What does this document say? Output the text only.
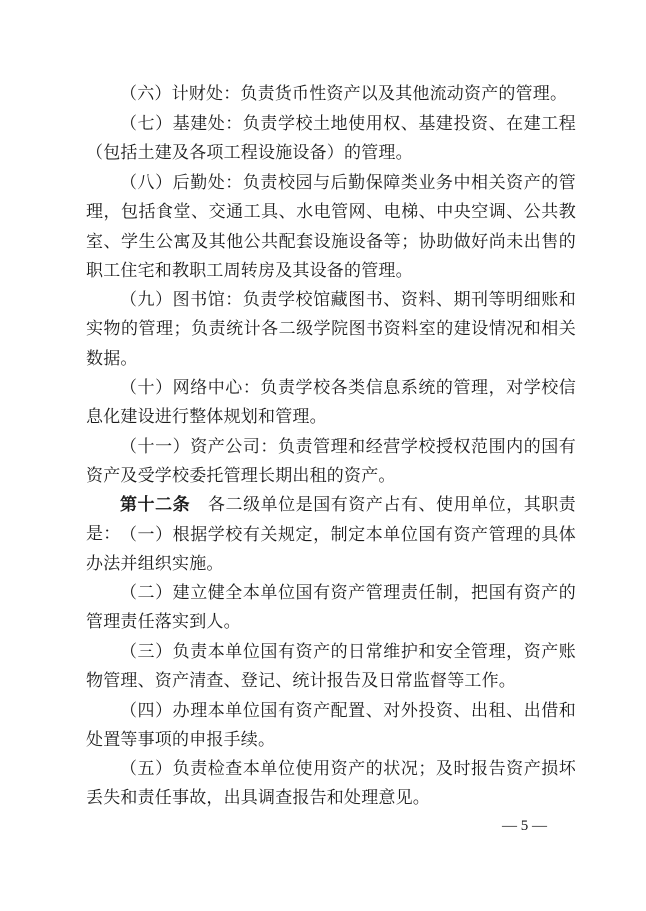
（六）计财处：负责货币性资产以及其他流动资产的管理。

（七）基建处：负责学校土地使用权、基建投资、在建工程（包括土建及各项工程设施设备）的管理。

（八）后勤处：负责校园与后勤保障类业务中相关资产的管理，包括食堂、交通工具、水电管网、电梯、中央空调、公共教室、学生公寓及其他公共配套设施设备等；协助做好尚未出售的职工住宅和教职工周转房及其设备的管理。

（九）图书馆：负责学校馆藏图书、资料、期刊等明细账和实物的管理；负责统计各二级学院图书资料室的建设情况和相关数据。

（十）网络中心：负责学校各类信息系统的管理，对学校信息化建设进行整体规划和管理。

（十一）资产公司：负责管理和经营学校授权范围内的国有资产及受学校委托管理长期出租的资产。

第十二条 各二级单位是国有资产占有、使用单位，其职责是： （一）根据学校有关规定，制定本单位国有资产管理的具体办法并组织实施。

（二）建立健全本单位国有资产管理责任制，把国有资产的管理责任落实到人。

（三）负责本单位国有资产的日常维护和安全管理，资产账物管理、资产清查、登记、统计报告及日常监督等工作。

（四）办理本单位国有资产配置、对外投资、出租、出借和处置等事项的申报手续。

（五）负责检查本单位使用资产的状况；及时报告资产损坏丢失和责任事故，出具调查报告和处理意见。

— 5 —
